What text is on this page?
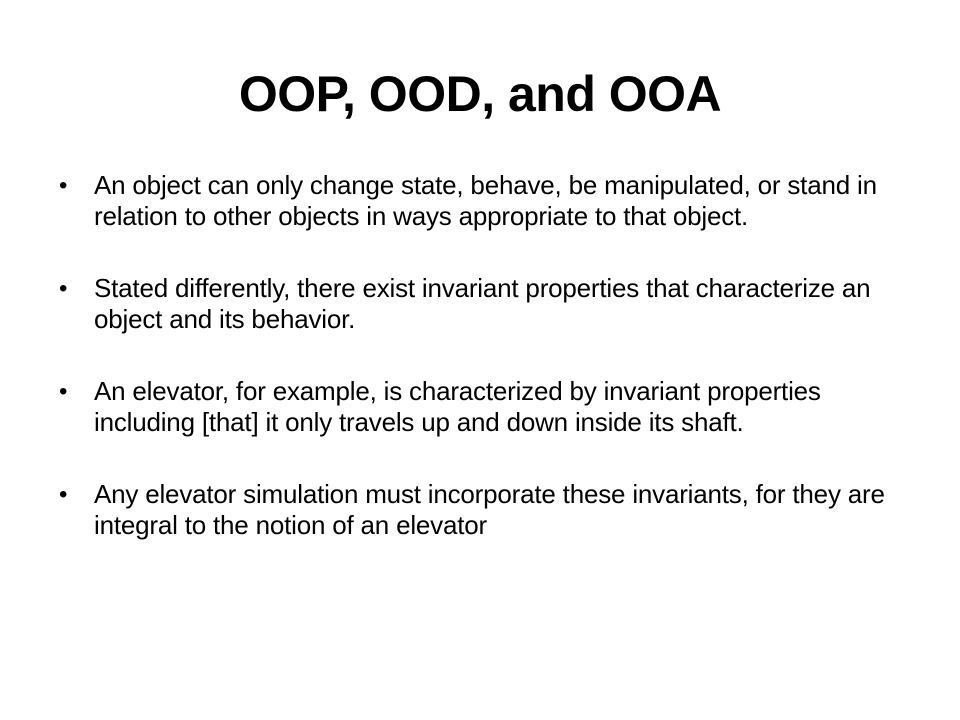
OOP, OOD, and OOA
• An object can only change state, behave, be manipulated, or stand in relation to other objects in ways appropriate to that object.
• Stated differently, there exist invariant properties that characterize an object and its behavior.
• An elevator, for example, is characterized by invariant properties including [that] it only travels up and down inside its shaft.
• Any elevator simulation must incorporate these invariants, for they are integral to the notion of an elevator
